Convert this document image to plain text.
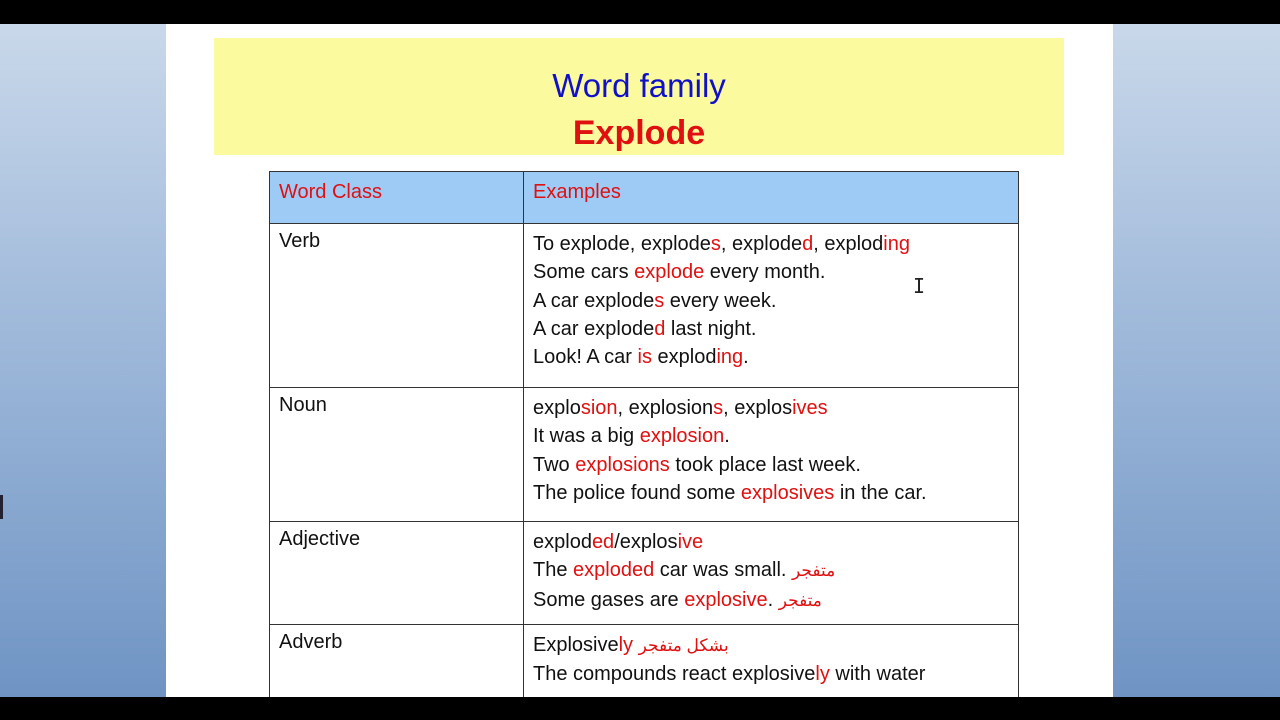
Word family
Explode
Word Class	Examples
Verb	To explode, explodes, exploded, exploding
Some cars explode every month.
A car explodes every week.
A car exploded last night.
Look! A car is exploding.

Noun	explosion, explosions, explosives
It was a big explosion.
Two explosions took place last week.
The police found some explosives in the car.

Adjective	exploded/explosive
The exploded car was small. متفجر
Some gases are explosive. متفجر

Adverb	Explosively بشكل متفجر
The compounds react explosively with water
I
